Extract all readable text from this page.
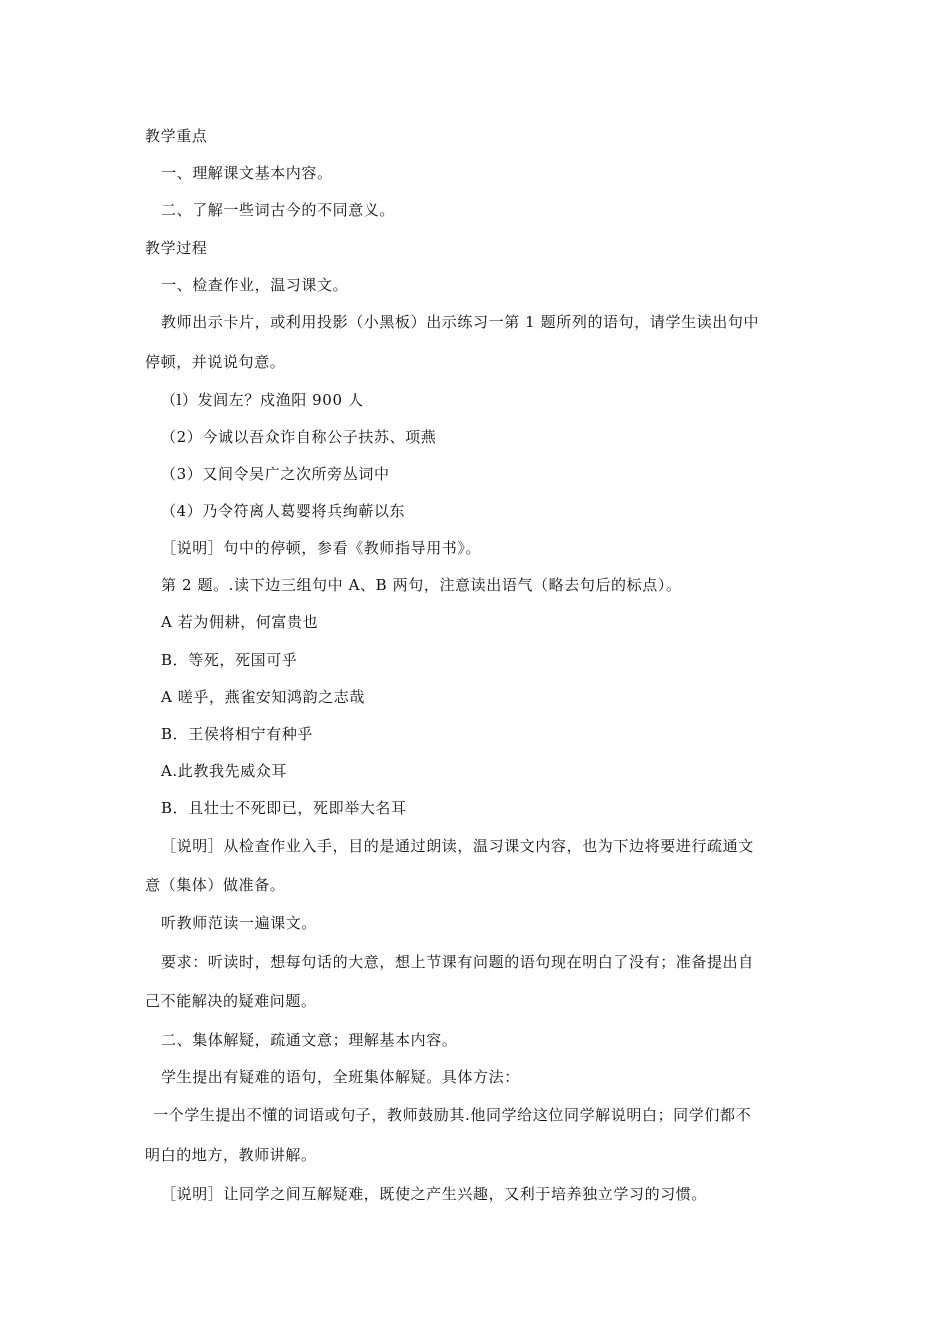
教学重点
一、理解课文基本内容。
二、了解一些词古今的不同意义。
教学过程
一、检查作业，温习课文。
教师出示卡片，或利用投影（小黑板）出示练习一第 1 题所列的语句，请学生读出句中
停顿，并说说句意。
（l）发闾左？戍渔阳 900 人
（2）今诚以吾众诈自称公子扶苏、项燕
（3）又间令吴广之次所旁丛词中
（4）乃令符离人葛婴将兵绚蕲以东
［说明］句中的停顿，参看《教师指导用书》。
第 2 题。.读下边三组句中 A、B 两句，注意读出语气（略去句后的标点）。
A 若为佣耕，何富贵也
B．等死，死国可乎
A 嗟乎，燕雀安知鸿韵之志哉
B．王侯将相宁有种乎
A.此教我先威众耳
B．且壮士不死即已，死即举大名耳
［说明］从检查作业入手，目的是通过朗读，温习课文内容，也为下边将要进行疏通文
意（集体）做准备。
听教师范读一遍课文。
要求：听读时，想每句话的大意，想上节课有问题的语句现在明白了没有；准备提出自
己不能解决的疑难问题。
二、集体解疑，疏通文意；理解基本内容。
学生提出有疑难的语句，全班集体解疑。具体方法：
一个学生提出不懂的词语或句子，教师鼓励其.他同学给这位同学解说明白；同学们都不
明白的地方，教师讲解。
［说明］让同学之间互解疑难，既使之产生兴趣，又利于培养独立学习的习惯。
